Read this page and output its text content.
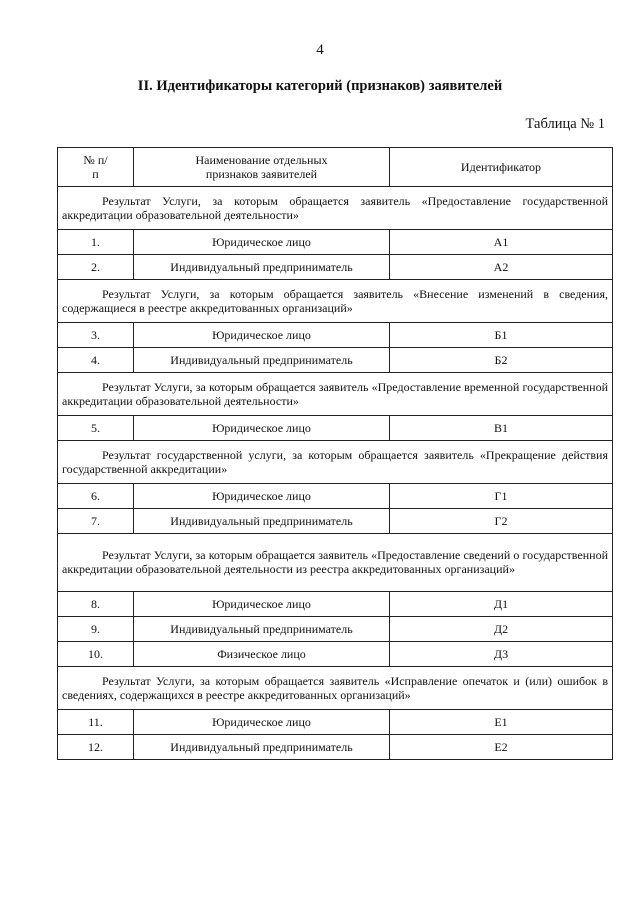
4
II. Идентификаторы категорий (признаков) заявителей
Таблица № 1
№ п/п	Наименование отдельных признаков заявителей	Идентификатор
Результат Услуги, за которым обращается заявитель «Предоставление государственной аккредитации образовательной деятельности»		
1.	Юридическое лицо	А1
2.	Индивидуальный предприниматель	А2
Результат Услуги, за которым обращается заявитель «Внесение изменений в сведения, содержащиеся в реестре аккредитованных организаций»		
3.	Юридическое лицо	Б1
4.	Индивидуальный предприниматель	Б2
Результат Услуги, за которым обращается заявитель «Предоставление временной государственной аккредитации образовательной деятельности»		
5.	Юридическое лицо	В1
Результат государственной услуги, за которым обращается заявитель «Прекращение действия государственной аккредитации»		
6.	Юридическое лицо	Г1
7.	Индивидуальный предприниматель	Г2
Результат Услуги, за которым обращается заявитель «Предоставление сведений о государственной аккредитации образовательной деятельности из реестра аккредитованных организаций»		
8.	Юридическое лицо	Д1
9.	Индивидуальный предприниматель	Д2
10.	Физическое лицо	Д3
Результат Услуги, за которым обращается заявитель «Исправление опечаток и (или) ошибок в сведениях, содержащихся в реестре аккредитованных организаций»		
11.	Юридическое лицо	Е1
12.	Индивидуальный предприниматель	Е2
